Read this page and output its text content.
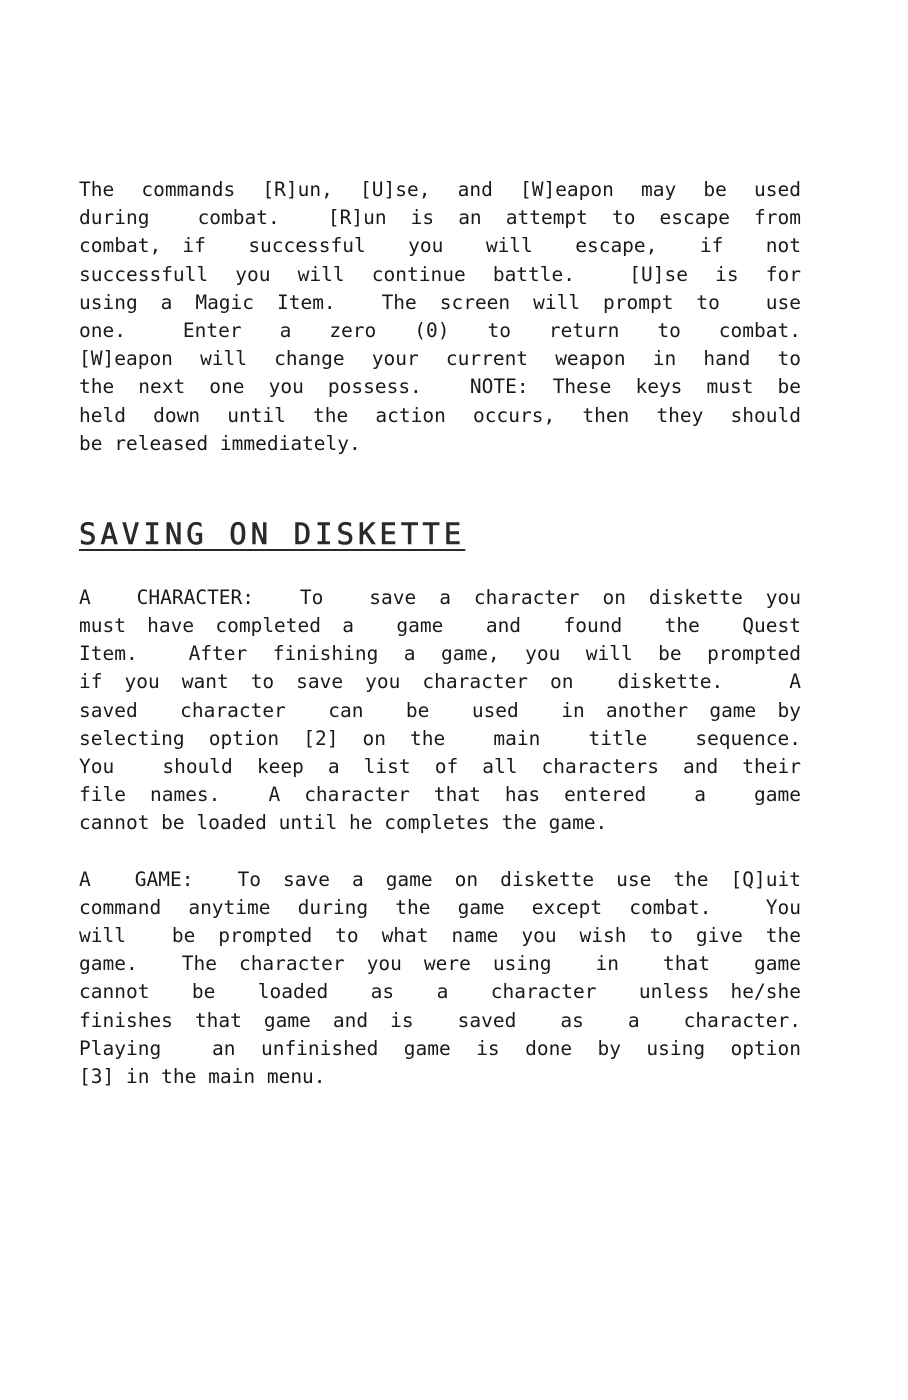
The commands [R]un, [U]se, and [W]eapon may be used
during  combat.  [R]un is an attempt to escape from
combat, if  successful  you  will  escape,  if  not
successfull you will continue battle.  [U]se is for
using a Magic Item.  The screen will prompt to  use
one.   Enter  a  zero  (0)  to  return  to  combat.
[W]eapon will change your current weapon in hand to
the next one you possess.  NOTE: These keys must be
held down until the action occurs, then they should
be released immediately.
SAVING ON DISKETTE
A  CHARACTER:  To  save a character on diskette you
must have completed a  game  and  found  the  Quest
Item.  After finishing a game, you will be prompted
if you want to save you character on  diskette.   A
saved  character  can  be  used  in another game by
selecting option [2] on the  main  title  sequence.
You  should keep a list of all characters and their
file names.  A character that has entered  a  game
cannot be loaded until he completes the game.
A  GAME:  To save a game on diskette use the [Q]uit
command anytime during the game except combat.  You
will  be prompted to what name you wish to give the
game.  The character you were using  in  that  game
cannot  be  loaded  as  a  character  unless he/she
finishes that game and is  saved  as  a  character.
Playing  an unfinished game is done by using option
[3] in the main menu.
